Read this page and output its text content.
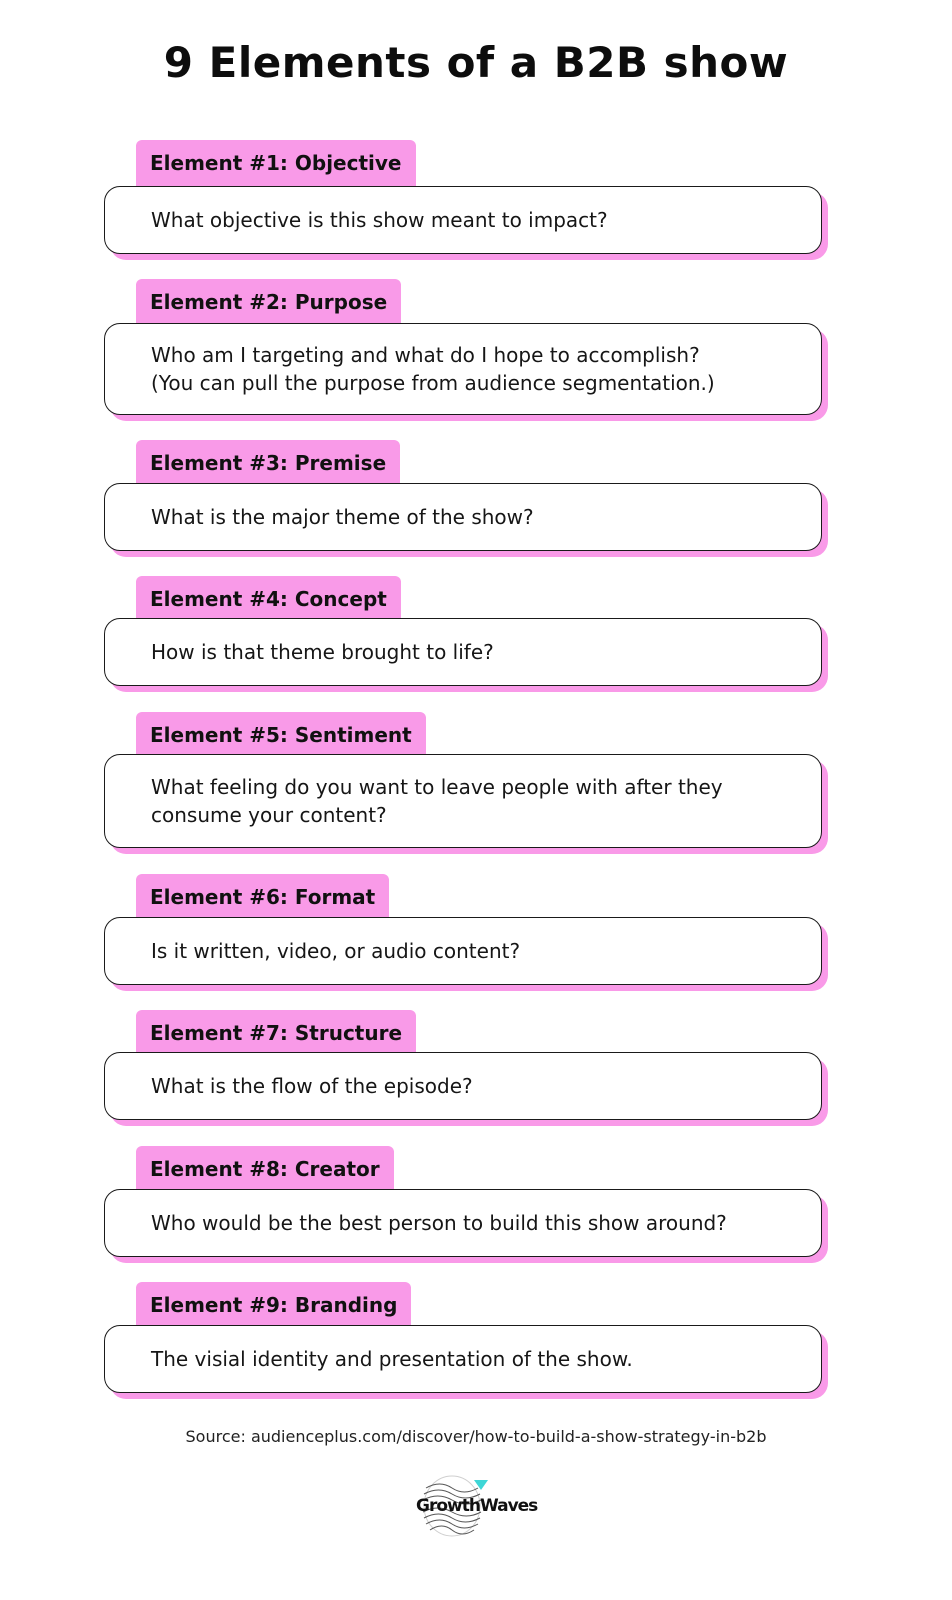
9 Elements of a B2B show
Element #1: Objective
What objective is this show meant to impact?
Element #2: Purpose
Who am I targeting and what do I hope to accomplish?
(You can pull the purpose from audience segmentation.)
Element #3: Premise
What is the major theme of the show?
Element #4: Concept
How is that theme brought to life?
Element #5: Sentiment
What feeling do you want to leave people with after they
consume your content?
Element #6: Format
Is it written, video, or audio content?
Element #7: Structure
What is the flow of the episode?
Element #8: Creator
Who would be the best person to build this show around?
Element #9: Branding
The visial identity and presentation of the show.
Source: audienceplus.com/discover/how-to-build-a-show-strategy-in-b2b
GrowthWaves
